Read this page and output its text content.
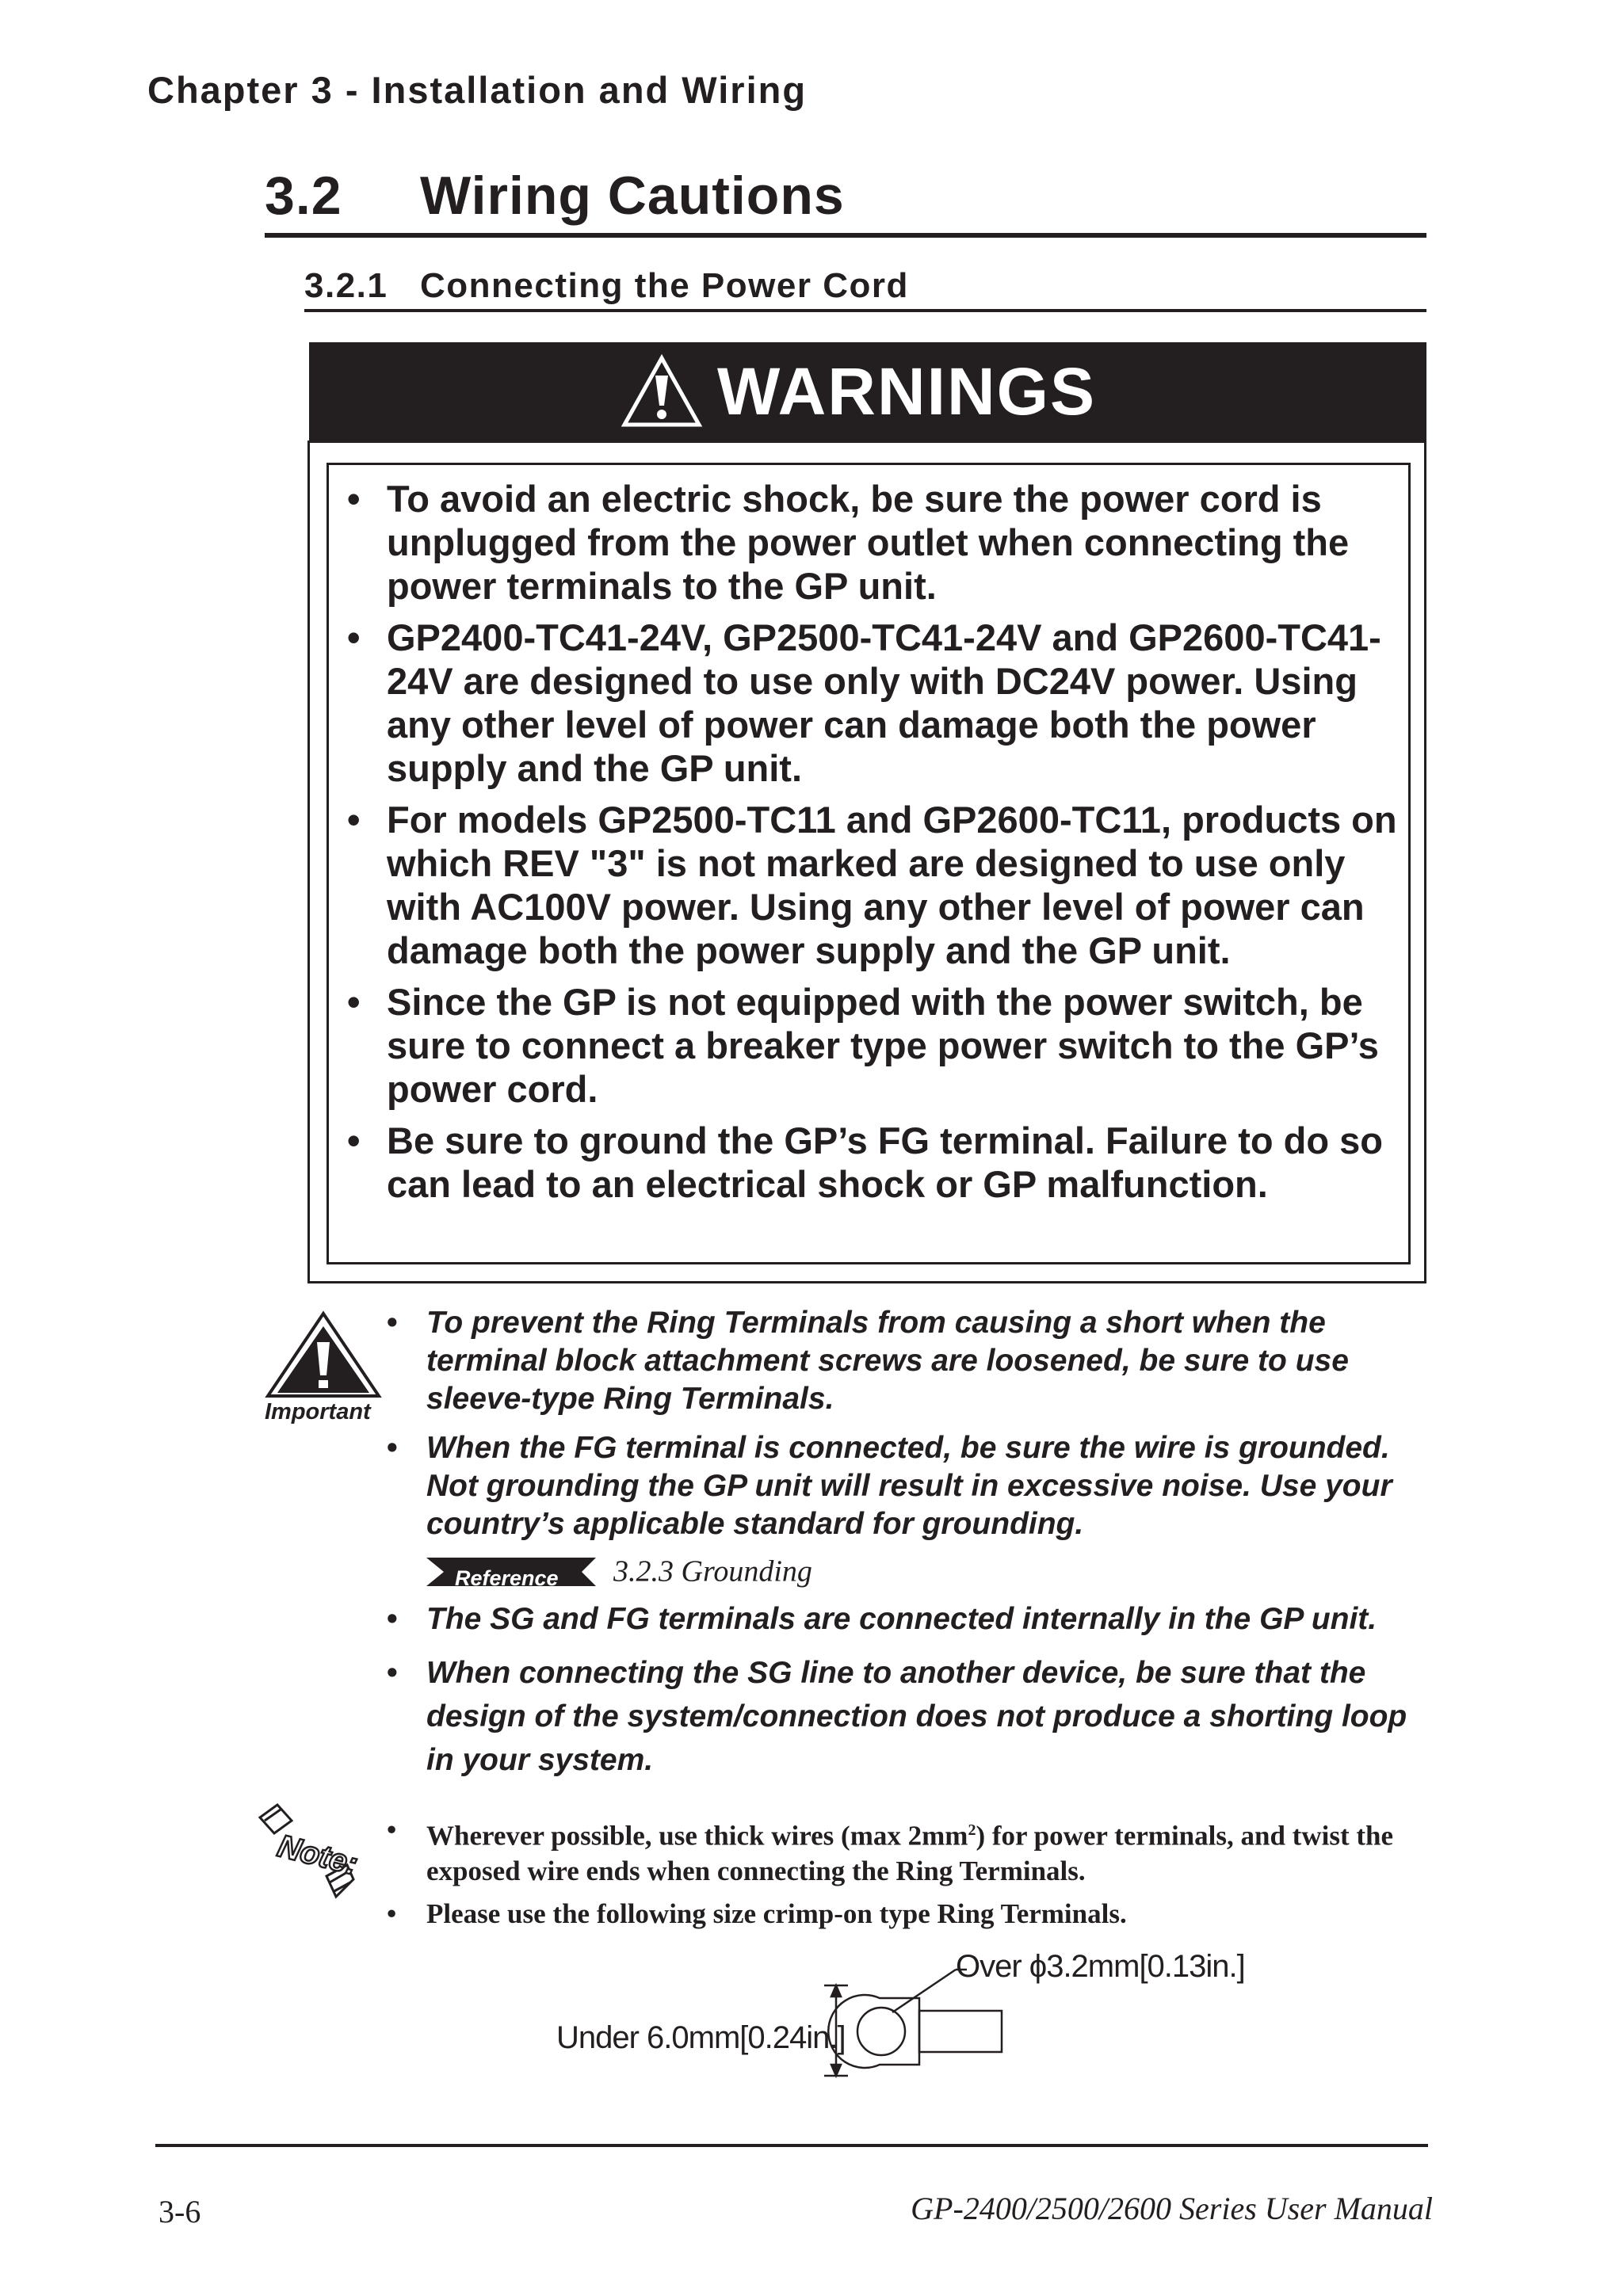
Chapter 3 - Installation and Wiring
3.2 Wiring Cautions
3.2.1 Connecting the Power Cord
WARNINGS
• To avoid an electric shock, be sure the power cord is unplugged from the power outlet when connecting the power terminals to the GP unit.
• GP2400-TC41-24V, GP2500-TC41-24V and GP2600-TC41-24V are designed to use only with DC24V power. Using any other level of power can damage both the power supply and the GP unit.
• For models GP2500-TC11 and GP2600-TC11, products on which REV "3" is not marked are designed to use only with AC100V power. Using any other level of power can damage both the power supply and the GP unit.
• Since the GP is not equipped with the power switch, be sure to connect a breaker type power switch to the GP’s power cord.
• Be sure to ground the GP’s FG terminal. Failure to do so can lead to an electrical shock or GP malfunction.
Important
• To prevent the Ring Terminals from causing a short when the terminal block attachment screws are loosened, be sure to use sleeve-type Ring Terminals.
• When the FG terminal is connected, be sure the wire is grounded. Not grounding the GP unit will result in excessive noise. Use your country’s applicable standard for grounding.
Reference 3.2.3 Grounding
• The SG and FG terminals are connected internally in the GP unit.
• When connecting the SG line to another device, be sure that the design of the system/connection does not produce a shorting loop in your system.
Note:
•	Wherever possible, use thick wires (max $2mm^2$) for power terminals, and twist the exposed wire ends when connecting the Ring Terminals.
• Please use the following size crimp-on type Ring Terminals.
Over ϕ3.2mm[0.13in.]
Under 6.0mm[0.24in.]
3-6	GP-2400/2500/2600 Series User Manual
